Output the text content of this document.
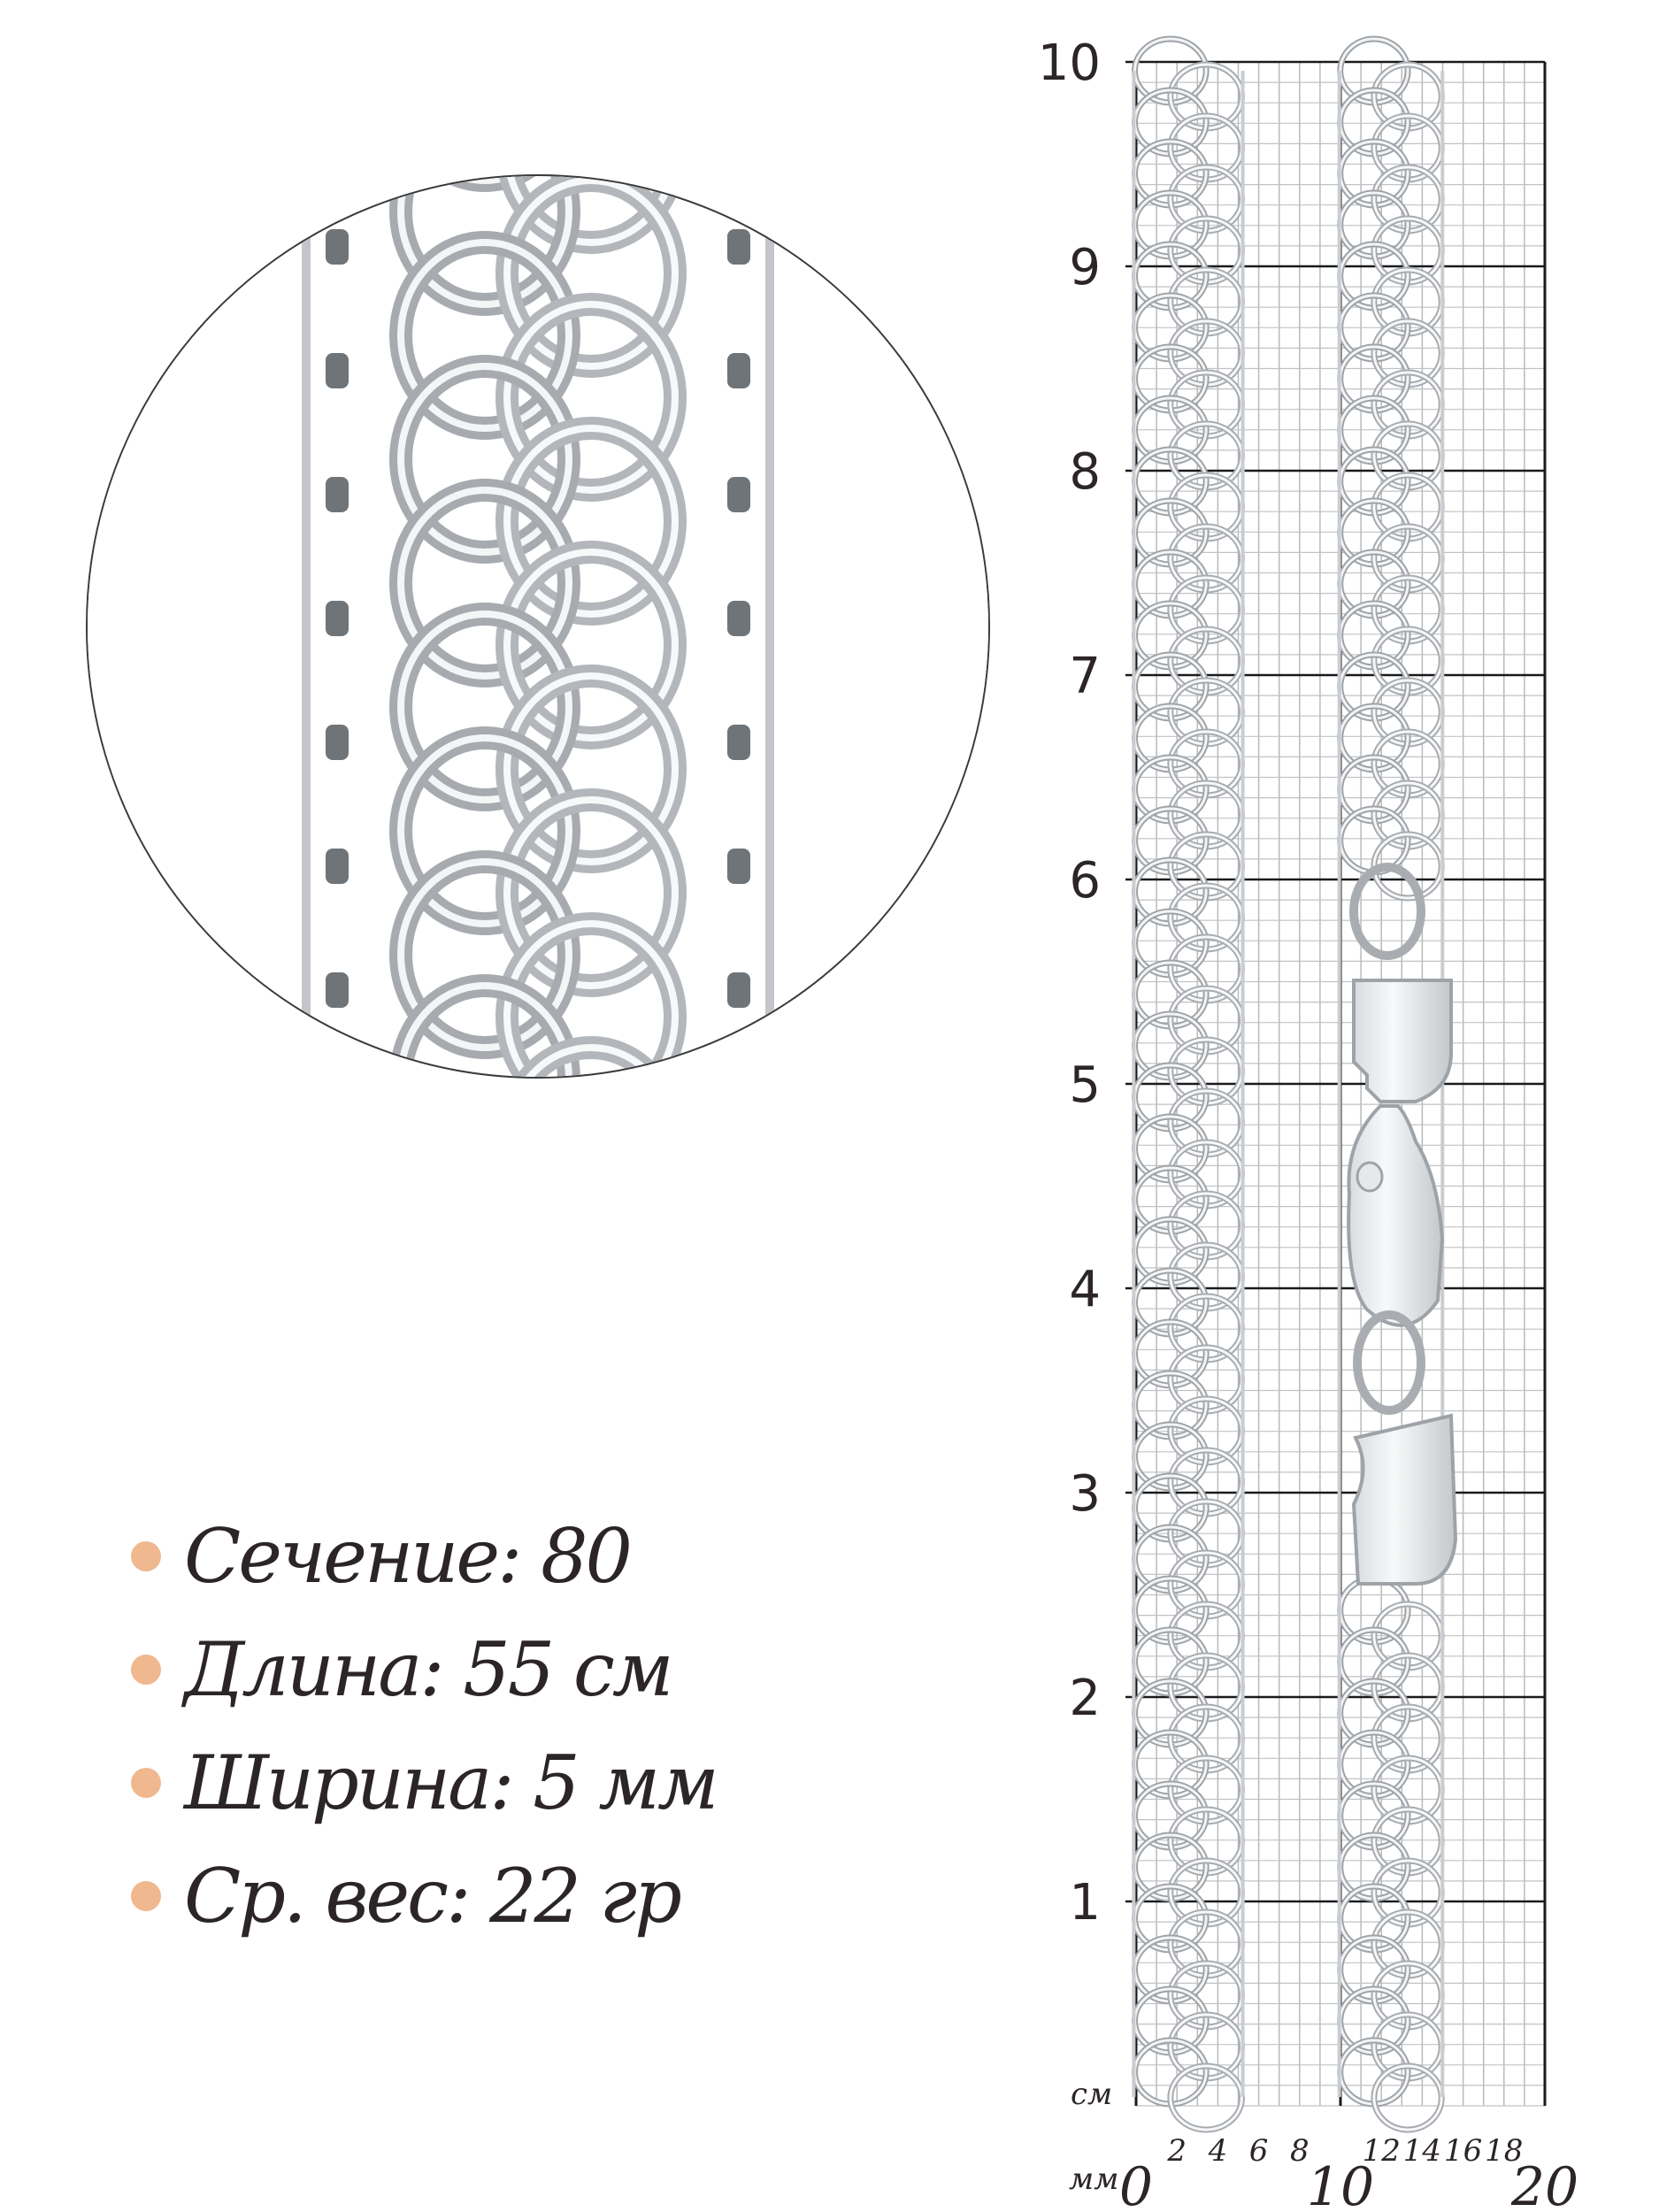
Сечение: 80
Длина: 55 см
Ширина: 5 мм
Ср. вес: 22 гр
10
9
8
7
6
5
4
3
2
1
0	10	20
2 4 6 8 12 14 16 18
см
мм
